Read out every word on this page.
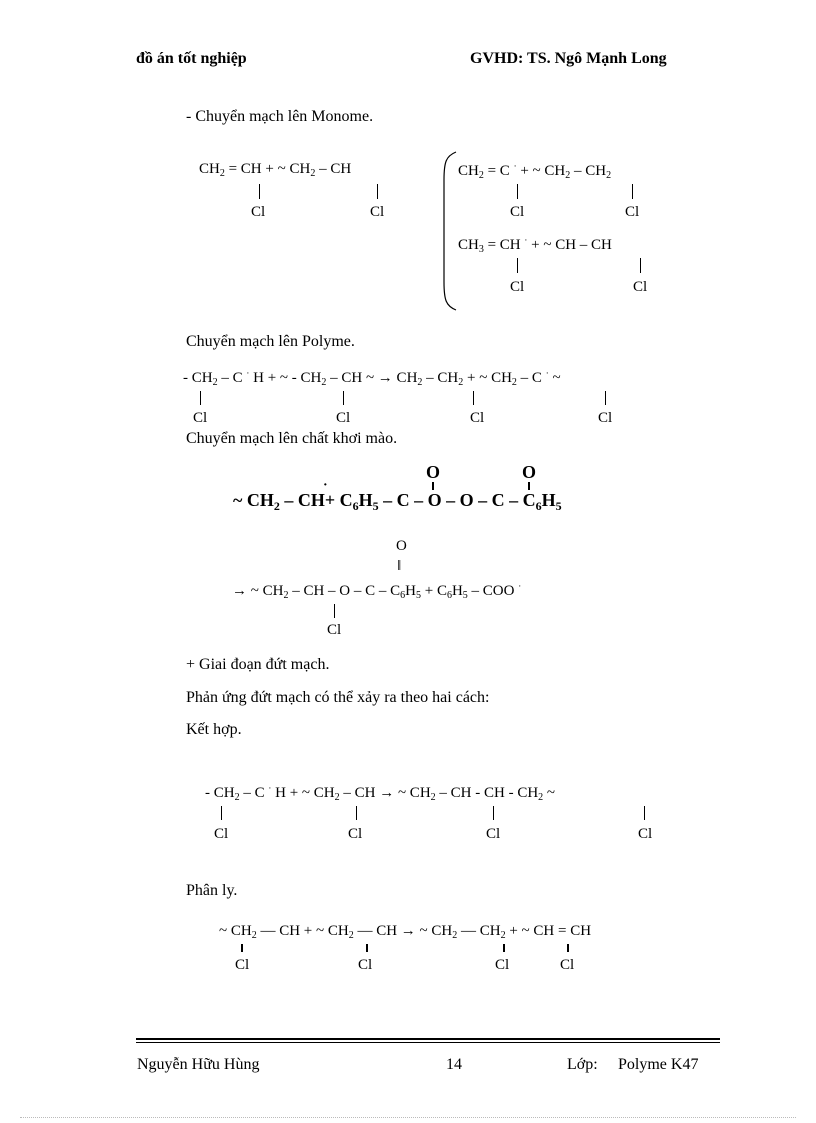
đồ án tốt nghiệp	GVHD: TS. Ngô Mạnh Long
- Chuyển mạch lên Monome.
$CH_2$ = CH + ~ $CH_2$ – CH
Cl	Cl
$CH_2 = C$ · + ~ $CH_2 - CH_2$
Cl	Cl
$CH_3$ = CH · + ~ CH – CH
Cl	Cl
Chuyển mạch lên Polyme.
- $CH_2$ – C · H + ~ - $CH_2$ – CH ~ → $CH_2 - CH_2$ + ~ $CH_2$ – C · ~
Cl	Cl	Cl	Cl
Chuyển mạch lên chất khơi mào.
O	O
·
~ $CH_2 - CH+ C_6H_5 - C - O - O - C - C_6H_5$
O
‖
→ ~ $CH_2$ – CH – $O - C - C_6H_5 + C_6H_5$ – COO ·
Cl
+ Giai đoạn đứt mạch.
Phản ứng đứt mạch có thể xảy ra theo hai cách:
Kết hợp.
- $CH_2$ – C · H + ~ $CH_2$ – CH → ~ $CH_2$ – CH - CH - $CH_2$ ~
Cl	Cl	Cl	Cl
Phân ly.
~ $CH_2$ — CH + ~ $CH_2$ — CH → ~ $CH_2$ — $CH_2$ + ~ CH = CH
Cl	Cl	Cl	Cl
Nguyễn Hữu Hùng	14	Lớp: Polyme K47
